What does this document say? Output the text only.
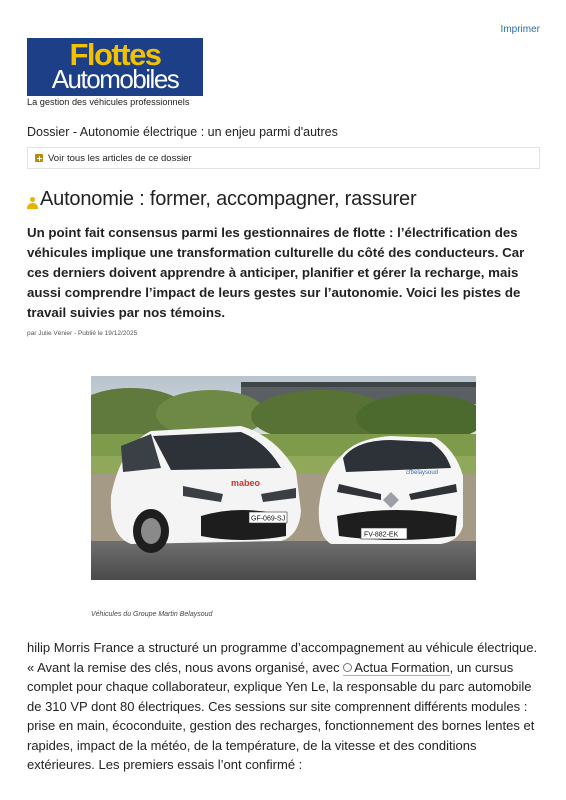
Imprimer
Flottes
Automobiles
La gestion des véhicules professionnels
Dossier - Autonomie électrique : un enjeu parmi d'autres
Voir tous les articles de ce dossier
Autonomie : former, accompagner, rassurer

Un point fait consensus parmi les gestionnaires de flotte : l’électrification des véhicules implique une transformation culturelle du côté des conducteurs. Car ces derniers doivent apprendre à anticiper, planifier et gérer la recharge, mais aussi comprendre l’impact de leurs gestes sur l’autonomie. Voici les pistes de travail suivies par nos témoins.

par Julie Vénier - Publié le 19/12/2025
mabeo
GF-069-SJ
cfbelaysoud
FV-882-EK
Véhicules du Groupe Martin Belaysoud

hilip Morris France a structuré un programme d’accompagnement au véhicule électrique. « Avant la remise des clés, nous avons organisé, avec Actua Formation, un cursus complet pour chaque collaborateur, explique Yen Le, la responsable du parc automobile de 310 VP dont 80 électriques. Ces sessions sur site comprennent différents modules : prise en main, écoconduite, gestion des recharges, fonctionnement des bornes lentes et rapides, impact de la météo, de la température, de la vitesse et des conditions extérieures. Les premiers essais l’ont confirmé :
